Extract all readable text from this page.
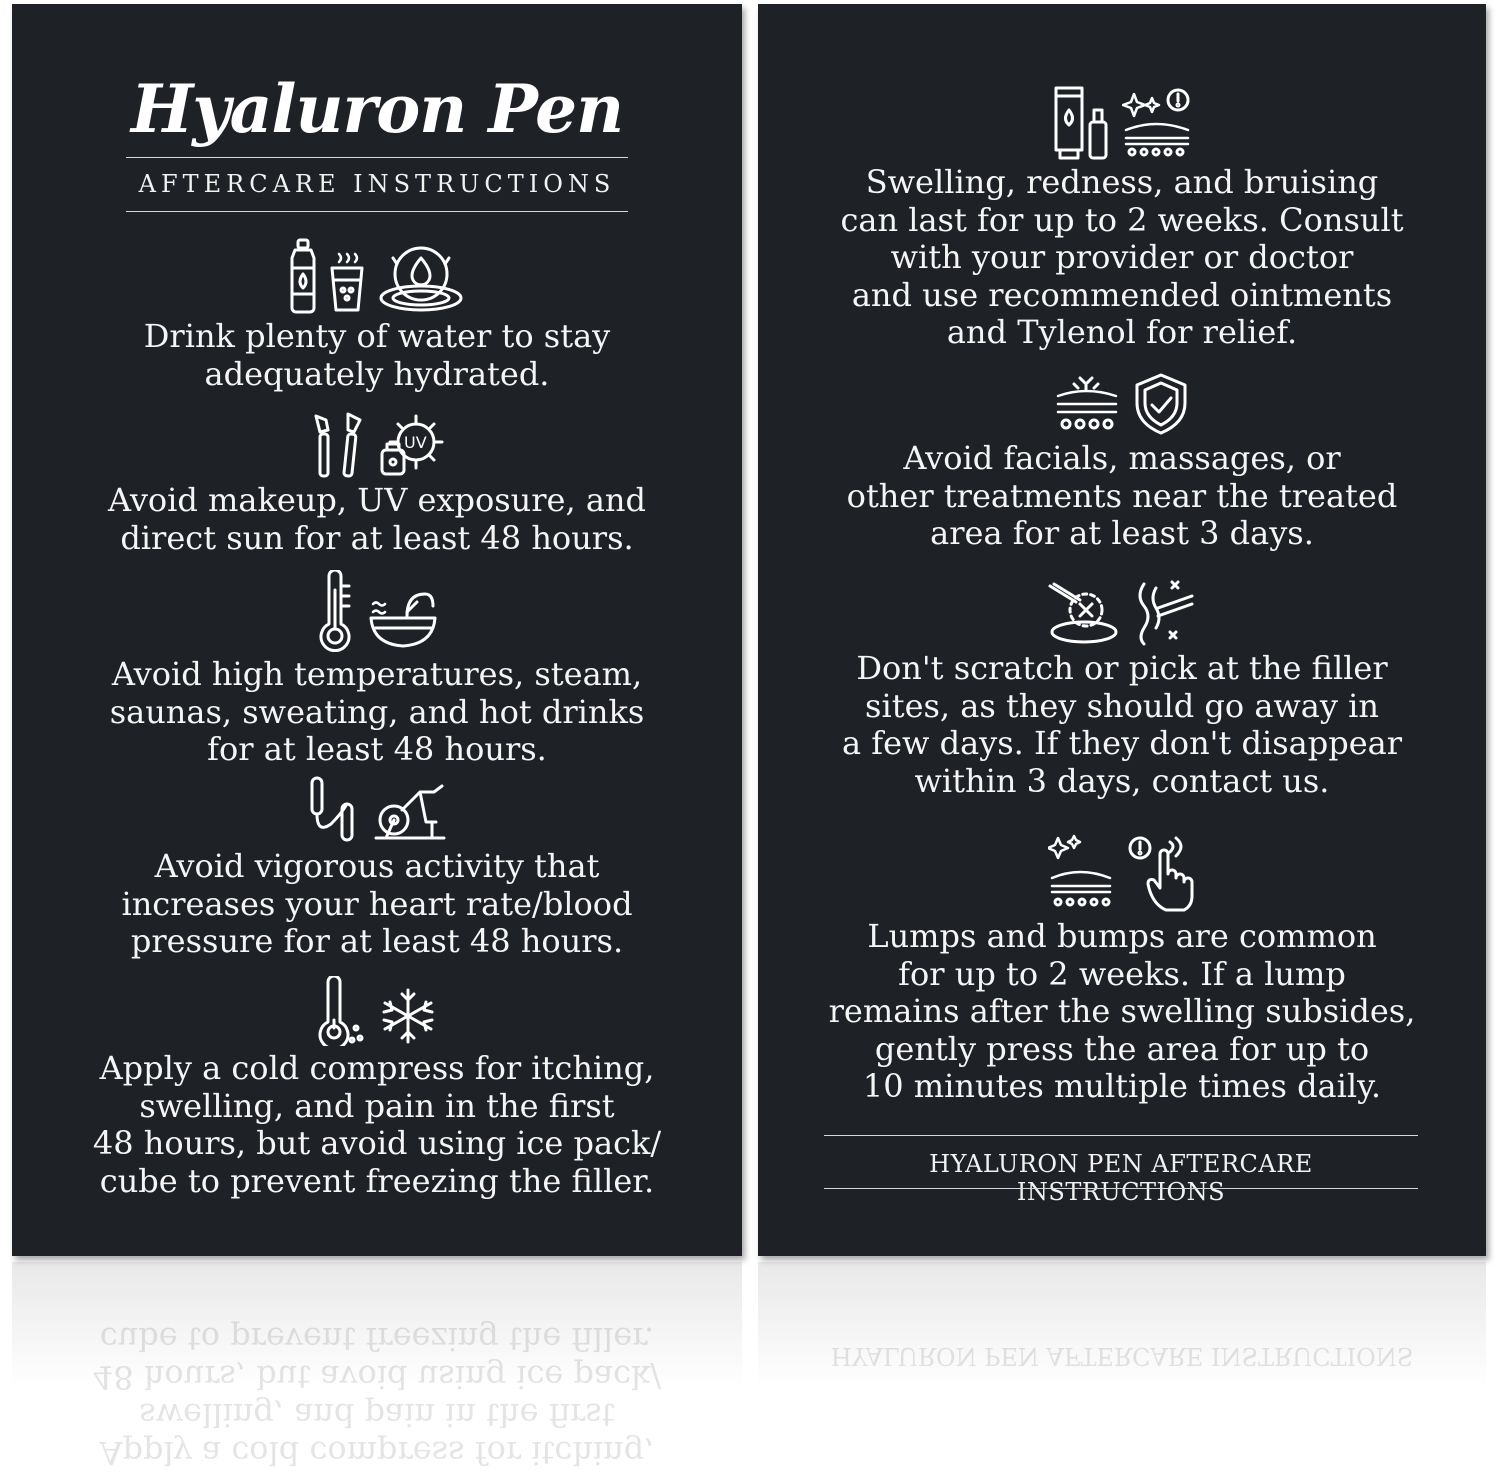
Hyaluron Pen
AFTERCARE INSTRUCTIONS
Drink plenty of water to stay
adequately hydrated.
UV
Avoid makeup, UV exposure, and
direct sun for at least 48 hours.
Avoid high temperatures, steam,
saunas, sweating, and hot drinks
for at least 48 hours.
Avoid vigorous activity that
increases your heart rate/blood
pressure for at least 48 hours.
Apply a cold compress for itching,
swelling, and pain in the first
48 hours, but avoid using ice pack/
cube to prevent freezing the filler.
Swelling, redness, and bruising
can last for up to 2 weeks. Consult
with your provider or doctor
and use recommended ointments
and Tylenol for relief.
Avoid facials, massages, or
other treatments near the treated
area for at least 3 days.
Don't scratch or pick at the filler
sites, as they should go away in
a few days. If they don't disappear
within 3 days, contact us.
Lumps and bumps are common
for up to 2 weeks. If a lump
remains after the swelling subsides,
gently press the area for up to
10 minutes multiple times daily.
HYALURON PEN AFTERCARE INSTRUCTIONS
Apply a cold compress for itching,
swelling, and pain in the first
48 hours, but avoid using ice pack/
cube to prevent freezing the filler.	HYALURON PEN AFTERCARE INSTRUCTIONS
